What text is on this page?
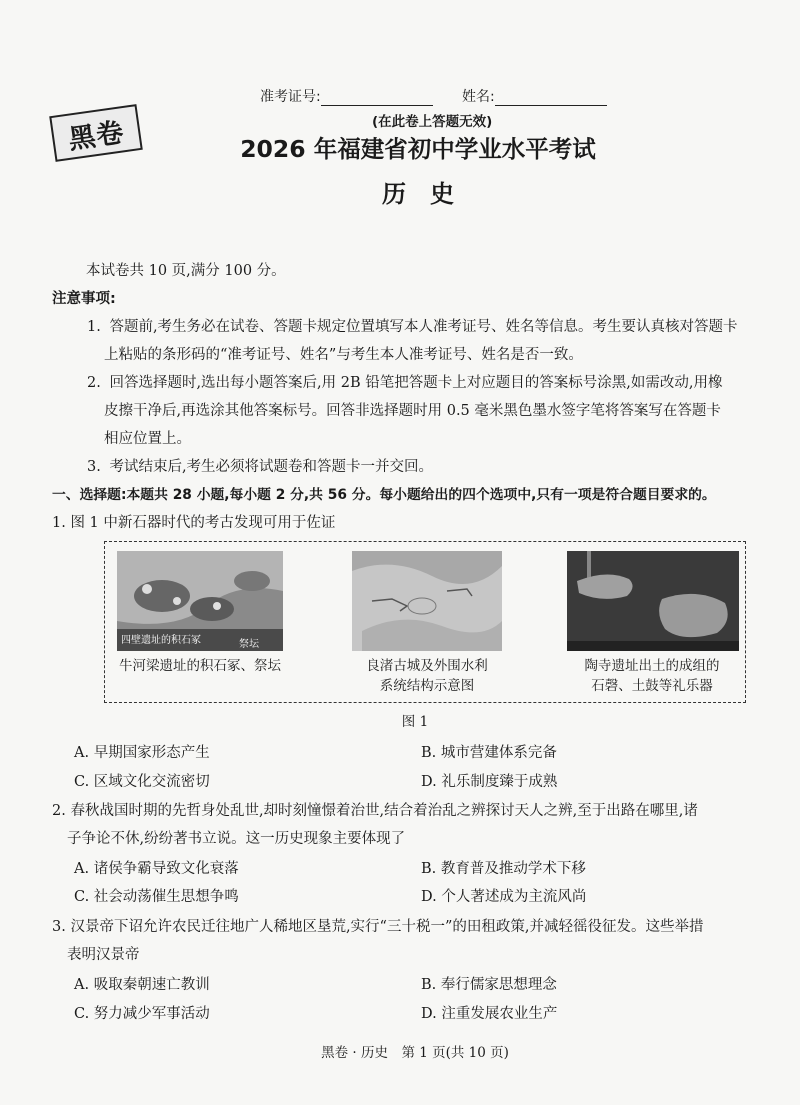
准考证号:	姓名:
(在此卷上答题无效)
黑卷	2026 年福建省初中学业水平考试
历　史
本试卷共 10 页,满分 100 分。
注意事项:
1. 答题前,考生务必在试卷、答题卡规定位置填写本人准考证号、姓名等信息。考生要认真核对答题卡
上粘贴的条形码的“准考证号、姓名”与考生本人准考证号、姓名是否一致。
2. 回答选择题时,选出每小题答案后,用 2B 铅笔把答题卡上对应题目的答案标号涂黑,如需改动,用橡
皮擦干净后,再选涂其他答案标号。回答非选择题时用 0.5 毫米黑色墨水签字笔将答案写在答题卡
相应位置上。
3. 考试结束后,考生必须将试题卷和答题卡一并交回。
一、选择题:本题共 28 小题,每小题 2 分,共 56 分。每小题给出的四个选项中,只有一项是符合题目要求的。
1. 图 1 中新石器时代的考古发现可用于佐证
四壁遗址的积石冢	祭坛
牛河梁遗址的积石冢、祭坛	良渚古城及外围水利
系统结构示意图
陶寺遗址出土的成组的
石磬、土鼓等礼乐器
图 1
A. 早期国家形态产生	B. 城市营建体系完备
C. 区域文化交流密切	D. 礼乐制度臻于成熟
2. 春秋战国时期的先哲身处乱世,却时刻憧憬着治世,结合着治乱之辨探讨天人之辨,至于出路在哪里,诸
子争论不休,纷纷著书立说。这一历史现象主要体现了
A. 诸侯争霸导致文化衰落	B. 教育普及推动学术下移
C. 社会动荡催生思想争鸣	D. 个人著述成为主流风尚
3. 汉景帝下诏允许农民迁往地广人稀地区垦荒,实行“三十税一”的田租政策,并减轻徭役征发。这些举措
表明汉景帝
A. 吸取秦朝速亡教训	B. 奉行儒家思想理念
C. 努力减少军事活动	D. 注重发展农业生产
黑卷 · 历史　第 1 页(共 10 页)
